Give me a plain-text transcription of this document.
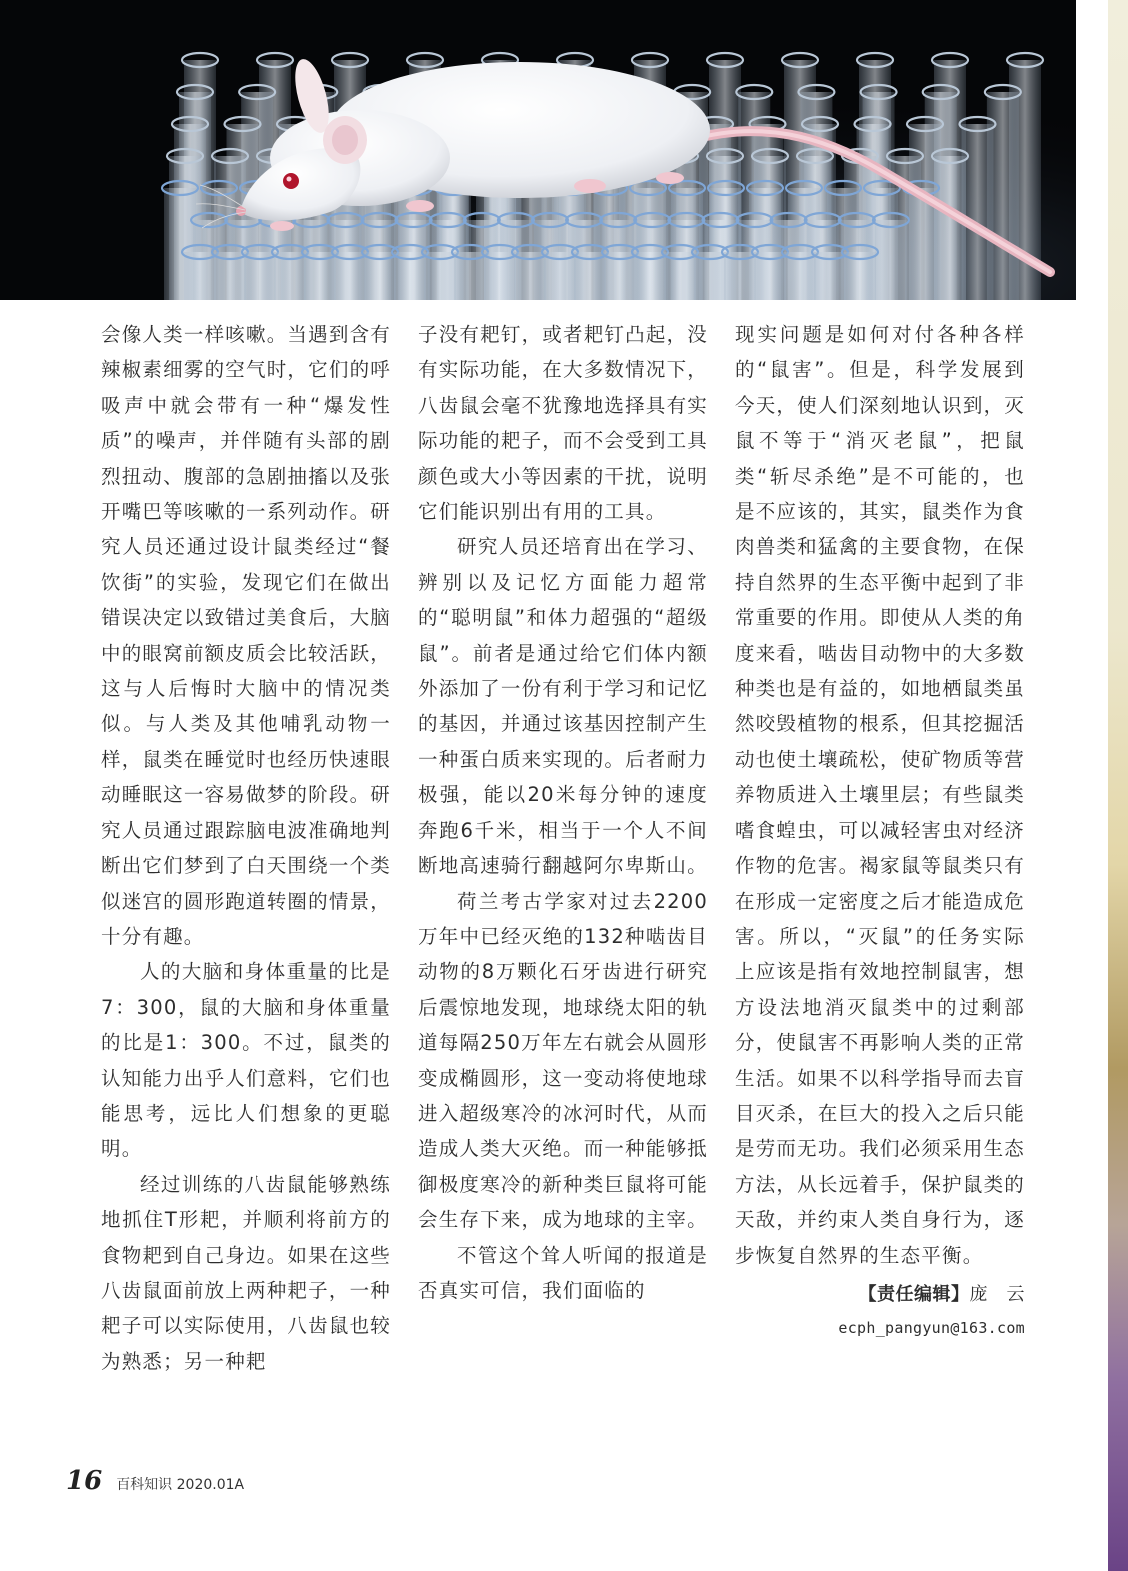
会像人类一样咳嗽。当遇到含有辣椒素细雾的空气时，它们的呼吸声中就会带有一种“爆发性质”的噪声，并伴随有头部的剧烈扭动、腹部的急剧抽搐以及张开嘴巴等咳嗽的一系列动作。研究人员还通过设计鼠类经过“餐饮街”的实验，发现它们在做出错误决定以致错过美食后，大脑中的眼窝前额皮质会比较活跃，这与人后悔时大脑中的情况类似。与人类及其他哺乳动物一样，鼠类在睡觉时也经历快速眼动睡眠这一容易做梦的阶段。研究人员通过跟踪脑电波准确地判断出它们梦到了白天围绕一个类似迷宫的圆形跑道转圈的情景，十分有趣。

人的大脑和身体重量的比是7：300，鼠的大脑和身体重量的比是1：300。不过，鼠类的认知能力出乎人们意料，它们也能思考，远比人们想象的更聪明。

经过训练的八齿鼠能够熟练地抓住T形耙，并顺利将前方的食物耙到自己身边。如果在这些八齿鼠面前放上两种耙子，一种耙子可以实际使用，八齿鼠也较为熟悉；另一种耙

子没有耙钉，或者耙钉凸起，没有实际功能，在大多数情况下，八齿鼠会毫不犹豫地选择具有实际功能的耙子，而不会受到工具颜色或大小等因素的干扰，说明它们能识别出有用的工具。

研究人员还培育出在学习、辨别以及记忆方面能力超常的“聪明鼠”和体力超强的“超级鼠”。前者是通过给它们体内额外添加了一份有利于学习和记忆的基因，并通过该基因控制产生一种蛋白质来实现的。后者耐力极强，能以20米每分钟的速度奔跑6千米，相当于一个人不间断地高速骑行翻越阿尔卑斯山。

荷兰考古学家对过去2200万年中已经灭绝的132种啮齿目动物的8万颗化石牙齿进行研究后震惊地发现，地球绕太阳的轨道每隔250万年左右就会从圆形变成椭圆形，这一变动将使地球进入超级寒冷的冰河时代，从而造成人类大灭绝。而一种能够抵御极度寒冷的新种类巨鼠将可能会生存下来，成为地球的主宰。

不管这个耸人听闻的报道是否真实可信，我们面临的

现实问题是如何对付各种各样的“鼠害”。但是，科学发展到今天，使人们深刻地认识到，灭鼠不等于“消灭老鼠”，把鼠类“斩尽杀绝”是不可能的，也是不应该的，其实，鼠类作为食肉兽类和猛禽的主要食物，在保持自然界的生态平衡中起到了非常重要的作用。即使从人类的角度来看，啮齿目动物中的大多数种类也是有益的，如地栖鼠类虽然咬毁植物的根系，但其挖掘活动也使土壤疏松，使矿物质等营养物质进入土壤里层；有些鼠类嗜食蝗虫，可以减轻害虫对经济作物的危害。褐家鼠等鼠类只有在形成一定密度之后才能造成危害。所以，“灭鼠”的任务实际上应该是指有效地控制鼠害，想方设法地消灭鼠类中的过剩部分，使鼠害不再影响人类的正常生活。如果不以科学指导而去盲目灭杀，在巨大的投入之后只能是劳而无功。我们必须采用生态方法，从长远着手，保护鼠类的天敌，并约束人类自身行为，逐步恢复自然界的生态平衡。

【责任编辑】庞　云
ecph_pangyun@163.com
16 百科知识 2020.01A
